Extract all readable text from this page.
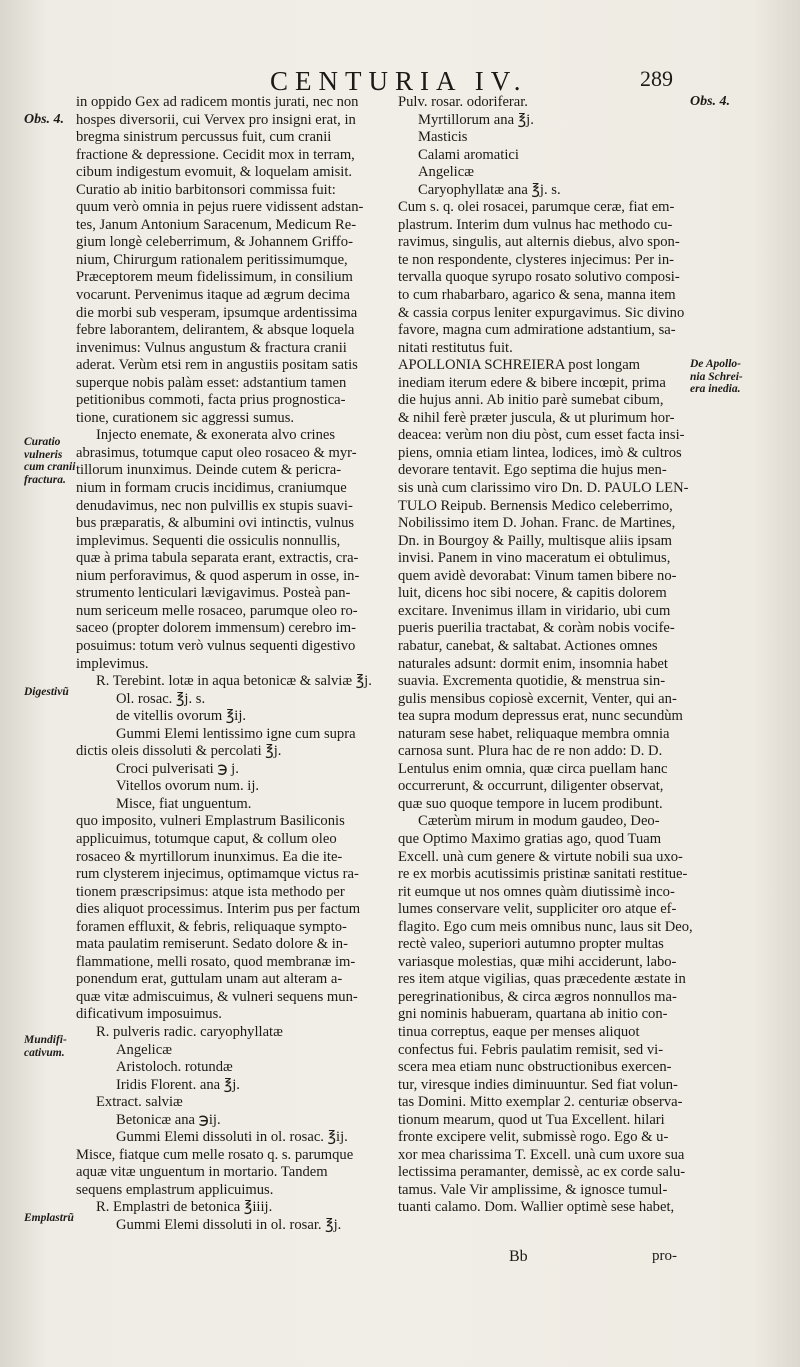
CENTURIA IV.	289
Obs. 4.
Curatio
vulneris
cum cranii
fractura.
Digestivũ
Mundifi-
cativum.
Emplastrũ
Obs. 4.
De Apollo-
nia Schrei-
era inedia.
in oppido Gex ad radicem montis jurati, nec non
hospes diversorii, cui Vervex pro insigni erat, in
bregma sinistrum percussus fuit, cum cranii
fractione & depressione. Cecidit mox in terram,
cibum indigestum evomuit, & loquelam amisit.
Curatio ab initio barbitonsori commissa fuit:
quum verò omnia in pejus ruere vidissent adstan-
tes, Janum Antonium Saracenum, Medicum Re-
gium longè celeberrimum, & Johannem Griffo-
nium, Chirurgum rationalem peritissimumque,
Præceptorem meum fidelissimum, in consilium
vocarunt. Pervenimus itaque ad ægrum decima
die morbi sub vesperam, ipsumque ardentissima
febre laborantem, delirantem, & absque loquela
invenimus: Vulnus angustum & fractura cranii
aderat. Verùm etsi rem in angustiis positam satis
superque nobis palàm esset: adstantium tamen
petitionibus commoti, facta prius prognostica-
tione, curationem sic aggressi sumus.
Injecto enemate, & exonerata alvo crines
abrasimus, totumque caput oleo rosaceo & myr-
tillorum inunximus. Deinde cutem & pericra-
nium in formam crucis incidimus, craniumque
denudavimus, nec non pulvillis ex stupis suavi-
bus præparatis, & albumini ovi intinctis, vulnus
implevimus. Sequenti die ossiculis nonnullis,
quæ à prima tabula separata erant, extractis, cra-
nium perforavimus, & quod asperum in osse, in-
strumento lenticulari lævigavimus. Posteà pan-
num sericeum melle rosaceo, parumque oleo ro-
saceo (propter dolorem immensum) cerebro im-
posuimus: totum verò vulnus sequenti digestivo
implevimus.
R. Terebint. lotæ in aqua betonicæ & salviæ ℥j.
Ol. rosac. ℥j. s.
de vitellis ovorum ℥ij.
Gummi Elemi lentissimo igne cum supra
dictis oleis dissoluti & percolati ℥j.
Croci pulverisati ℈ j.
Vitellos ovorum num. ij.
Misce, fiat unguentum.
quo imposito, vulneri Emplastrum Basiliconis
applicuimus, totumque caput, & collum oleo
rosaceo & myrtillorum inunximus. Ea die ite-
rum clysterem injecimus, optimamque victus ra-
tionem præscripsimus: atque ista methodo per
dies aliquot processimus. Interim pus per factum
foramen effluxit, & febris, reliquaque sympto-
mata paulatim remiserunt. Sedato dolore & in-
flammatione, melli rosato, quod membranæ im-
ponendum erat, guttulam unam aut alteram a-
quæ vitæ admiscuimus, & vulneri sequens mun-
dificativum imposuimus.
R. pulveris radic. caryophyllatæ
Angelicæ
Aristoloch. rotundæ
Iridis Florent. ana ℥j.
Extract. salviæ
Betonicæ ana ℈ij.
Gummi Elemi dissoluti in ol. rosac. ℥ij.
Misce, fiatque cum melle rosato q. s. parumque
aquæ vitæ unguentum in mortario. Tandem
sequens emplastrum applicuimus.
R. Emplastri de betonica ℥iiij.
Gummi Elemi dissoluti in ol. rosar. ℥j.
Pulv. rosar. odoriferar.
Myrtillorum ana ℥j.
Masticis
Calami aromatici
Angelicæ
Caryophyllatæ ana ℥j. s.
Cum s. q. olei rosacei, parumque ceræ, fiat em-
plastrum. Interim dum vulnus hac methodo cu-
ravimus, singulis, aut alternis diebus, alvo spon-
te non respondente, clysteres injecimus: Per in-
tervalla quoque syrupo rosato solutivo composi-
to cum rhabarbaro, agarico & sena, manna item
& cassia corpus leniter expurgavimus. Sic divino
favore, magna cum admiratione adstantium, sa-
nitati restitutus fuit.
APOLLONIA SCHREIERA post longam
inediam iterum edere & bibere incœpit, prima
die hujus anni. Ab initio parè sumebat cibum,
& nihil ferè præter juscula, & ut plurimum hor-
deacea: verùm non diu pòst, cum esset facta insi-
piens, omnia etiam lintea, lodices, imò & cultros
devorare tentavit. Ego septima die hujus men-
sis unà cum clarissimo viro Dn. D. PAULO LEN-
TULO Reipub. Bernensis Medico celeberrimo,
Nobilissimo item D. Johan. Franc. de Martines,
Dn. in Bourgoy & Pailly, multisque aliis ipsam
invisi. Panem in vino maceratum ei obtulimus,
quem avidè devorabat: Vinum tamen bibere no-
luit, dicens hoc sibi nocere, & capitis dolorem
excitare. Invenimus illam in viridario, ubi cum
pueris puerilia tractabat, & coràm nobis vocife-
rabatur, canebat, & saltabat. Actiones omnes
naturales adsunt: dormit enim, insomnia habet
suavia. Excrementa quotidie, & menstrua sin-
gulis mensibus copiosè excernit, Venter, qui an-
tea supra modum depressus erat, nunc secundùm
naturam sese habet, reliquaque membra omnia
carnosa sunt. Plura hac de re non addo: D. D.
Lentulus enim omnia, quæ circa puellam hanc
occurrerunt, & occurrunt, diligenter observat,
quæ suo quoque tempore in lucem prodibunt.
Cæterùm mirum in modum gaudeo, Deo-
que Optimo Maximo gratias ago, quod Tuam
Excell. unà cum genere & virtute nobili sua uxo-
re ex morbis acutissimis pristinæ sanitati restitue-
rit eumque ut nos omnes quàm diutissimè inco-
lumes conservare velit, suppliciter oro atque ef-
flagito. Ego cum meis omnibus nunc, laus sit Deo,
rectè valeo, superiori autumno propter multas
variasque molestias, quæ mihi acciderunt, labo-
res item atque vigilias, quas præcedente æstate in
peregrinationibus, & circa ægros nonnullos ma-
gni nominis habueram, quartana ab initio con-
tinua correptus, eaque per menses aliquot
confectus fui. Febris paulatim remisit, sed vi-
scera mea etiam nunc obstructionibus exercen-
tur, viresque indies diminuuntur. Sed fiat volun-
tas Domini. Mitto exemplar 2. centuriæ observa-
tionum mearum, quod ut Tua Excellent. hilari
fronte excipere velit, submissè rogo. Ego & u-
xor mea charissima T. Excell. unà cum uxore sua
lectissima peramanter, demissè, ac ex corde salu-
tamus. Vale Vir amplissime, & ignosce tumul-
tuanti calamo. Dom. Wallier optimè sese habet,
Bb	pro-
